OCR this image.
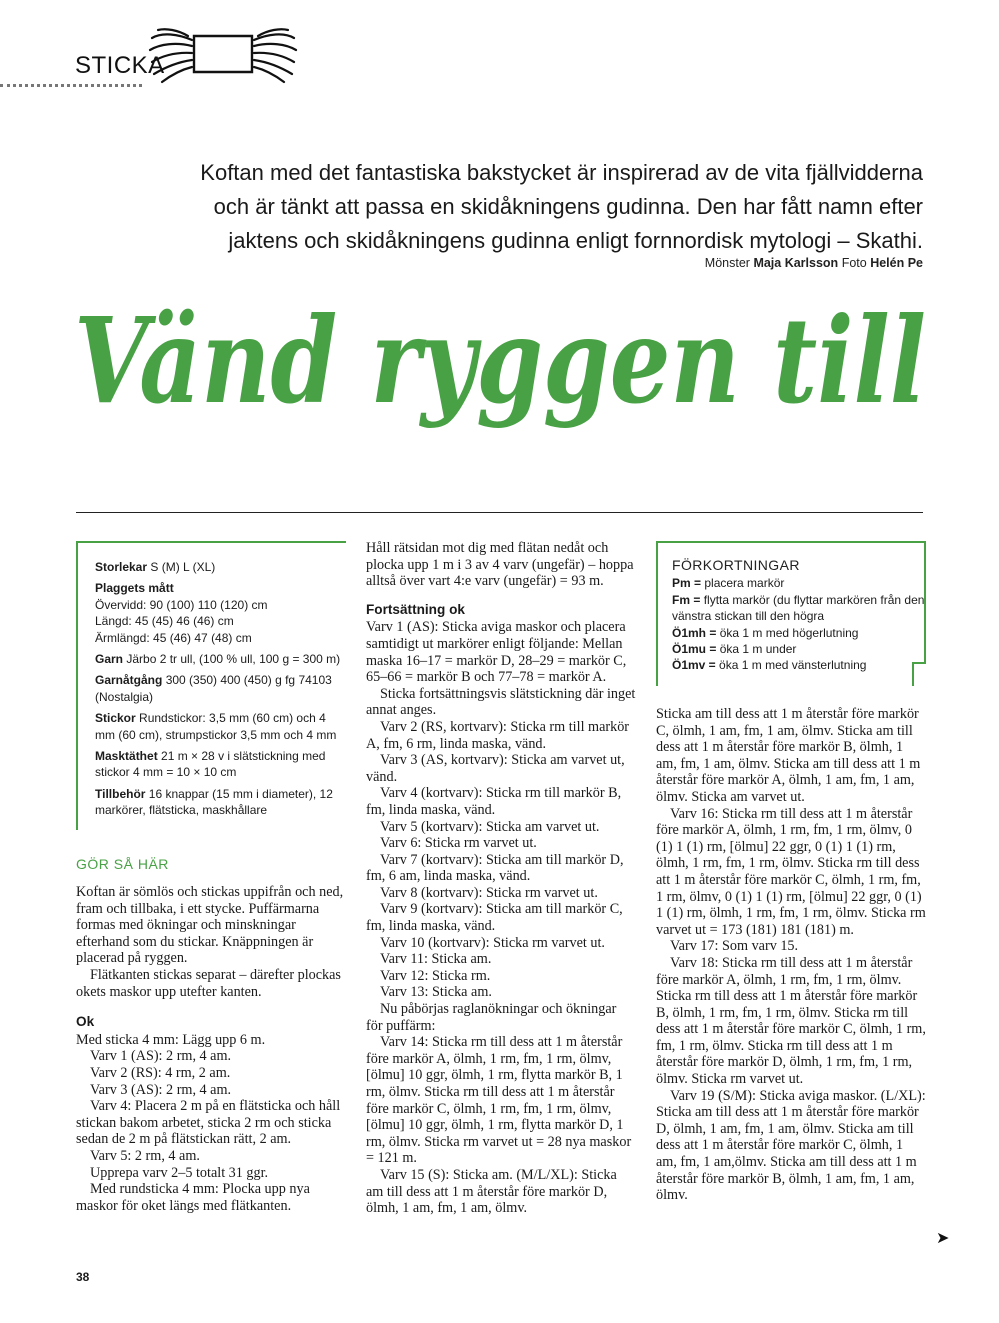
STICKA
Koftan med det fantastiska bakstycket är inspirerad av de vita fjällvidderna
och är tänkt att passa en skidåkningens gudinna. Den har fått namn efter
jaktens och skidåkningens gudinna enligt fornnordisk mytologi – Skathi.
Mönster Maja Karlsson Foto Helén Pe
Vänd ryggen till
Storlekar S (M) L (XL)
Plaggets mått
Övervidd: 90 (100) 110 (120) cm
Längd: 45 (45) 46 (46) cm
Ärmlängd: 45 (46) 47 (48) cm
Garn Järbo 2 tr ull, (100 % ull, 100 g = 300 m)
Garnåtgång 300 (350) 400 (450) g fg 74103 (Nostalgia)
Stickor Rundstickor: 3,5 mm (60 cm) och 4 mm (60 cm), strumpstickor 3,5 mm och 4 mm
Masktäthet 21 m × 28 v i slätstickning med stickor 4 mm = 10 × 10 cm
Tillbehör 16 knappar (15 mm i diameter), 12 markörer, flätsticka, maskhållare
GÖR SÅ HÄR

Koftan är sömlös och stickas uppifrån och ned, fram och tillbaka, i ett stycke. Puffärmarna formas med ökningar och minskningar efterhand som du stickar. Knäppningen är placerad på ryggen.

Flätkanten stickas separat – därefter plockas okets maskor upp utefter kanten.

Ok

Med sticka 4 mm: Lägg upp 6 m.

Varv 1 (AS): 2 rm, 4 am.

Varv 2 (RS): 4 rm, 2 am.

Varv 3 (AS): 2 rm, 4 am.

Varv 4: Placera 2 m på en flätsticka och håll stickan bakom arbetet, sticka 2 rm och sticka sedan de 2 m på flätstickan rätt, 2 am.

Varv 5: 2 rm, 4 am.

Upprepa varv 2–5 totalt 31 ggr.

Med rundsticka 4 mm: Plocka upp nya maskor för oket längs med flätkanten.

Håll rätsidan mot dig med flätan nedåt och plocka upp 1 m i 3 av 4 varv (ungefär) – hoppa alltså över vart 4:e varv (ungefär) = 93 m.

Fortsättning ok

Varv 1 (AS): Sticka aviga maskor och placera samtidigt ut markörer enligt följande: Mellan maska 16–17 = markör D, 28–29 = markör C, 65–66 = markör B och 77–78 = markör A.

Sticka fortsättningsvis slätstickning där inget annat anges.

Varv 2 (RS, kortvarv): Sticka rm till markör A, fm, 6 rm, linda maska, vänd.

Varv 3 (AS, kortvarv): Sticka am varvet ut, vänd.

Varv 4 (kortvarv): Sticka rm till markör B, fm, linda maska, vänd.

Varv 5 (kortvarv): Sticka am varvet ut.

Varv 6: Sticka rm varvet ut.

Varv 7 (kortvarv): Sticka am till markör D, fm, 6 am, linda maska, vänd.

Varv 8 (kortvarv): Sticka rm varvet ut.

Varv 9 (kortvarv): Sticka am till markör C, fm, linda maska, vänd.

Varv 10 (kortvarv): Sticka rm varvet ut.

Varv 11: Sticka am.

Varv 12: Sticka rm.

Varv 13: Sticka am.

Nu påbörjas raglanökningar och ökningar för puffärm:

Varv 14: Sticka rm till dess att 1 m återstår före markör A, ölmh, 1 rm, fm, 1 rm, ölmv, [ölmu] 10 ggr, ölmh, 1 rm, flytta markör B, 1 rm, ölmv. Sticka rm till dess att 1 m återstår före markör C, ölmh, 1 rm, fm, 1 rm, ölmv, [ölmu] 10 ggr, ölmh, 1 rm, flytta markör D, 1 rm, ölmv. Sticka rm varvet ut = 28 nya maskor = 121 m.

Varv 15 (S): Sticka am. (M/L/XL): Sticka am till dess att 1 m återstår före markör D, ölmh, 1 am, fm, 1 am, ölmv.

FÖRKORTNINGAR
Pm = placera markör
Fm = flytta markör (du flyttar markören från den vänstra stickan till den högra
Ö1mh = öka 1 m med högerlutning
Ö1mu = öka 1 m under
Ö1mv = öka 1 m med vänsterlutning

Sticka am till dess att 1 m återstår före markör C, ölmh, 1 am, fm, 1 am, ölmv. Sticka am till dess att 1 m återstår före markör B, ölmh, 1 am, fm, 1 am, ölmv. Sticka am till dess att 1 m återstår före markör A, ölmh, 1 am, fm, 1 am, ölmv. Sticka am varvet ut.

Varv 16: Sticka rm till dess att 1 m återstår före markör A, ölmh, 1 rm, fm, 1 rm, ölmv, 0 (1) 1 (1) rm, [ölmu] 22 ggr, 0 (1) 1 (1) rm, ölmh, 1 rm, fm, 1 rm, ölmv. Sticka rm till dess att 1 m återstår före markör C, ölmh, 1 rm, fm, 1 rm, ölmv, 0 (1) 1 (1) rm, [ölmu] 22 ggr, 0 (1) 1 (1) rm, ölmh, 1 rm, fm, 1 rm, ölmv. Sticka rm varvet ut = 173 (181) 181 (181) m.

Varv 17: Som varv 15.

Varv 18: Sticka rm till dess att 1 m återstår före markör A, ölmh, 1 rm, fm, 1 rm, ölmv. Sticka rm till dess att 1 m återstår före markör B, ölmh, 1 rm, fm, 1 rm, ölmv. Sticka rm till dess att 1 m återstår före markör C, ölmh, 1 rm, fm, 1 rm, ölmv. Sticka rm till dess att 1 m återstår före markör D, ölmh, 1 rm, fm, 1 rm, ölmv. Sticka rm varvet ut.

Varv 19 (S/M): Sticka aviga maskor. (L/XL): Sticka am till dess att 1 m återstår före markör D, ölmh, 1 am, fm, 1 am, ölmv. Sticka am till dess att 1 m återstår före markör C, ölmh, 1 am, fm, 1 am,ölmv. Sticka am till dess att 1 m återstår före markör B, ölmh, 1 am, fm, 1 am, ölmv.

➤
38
